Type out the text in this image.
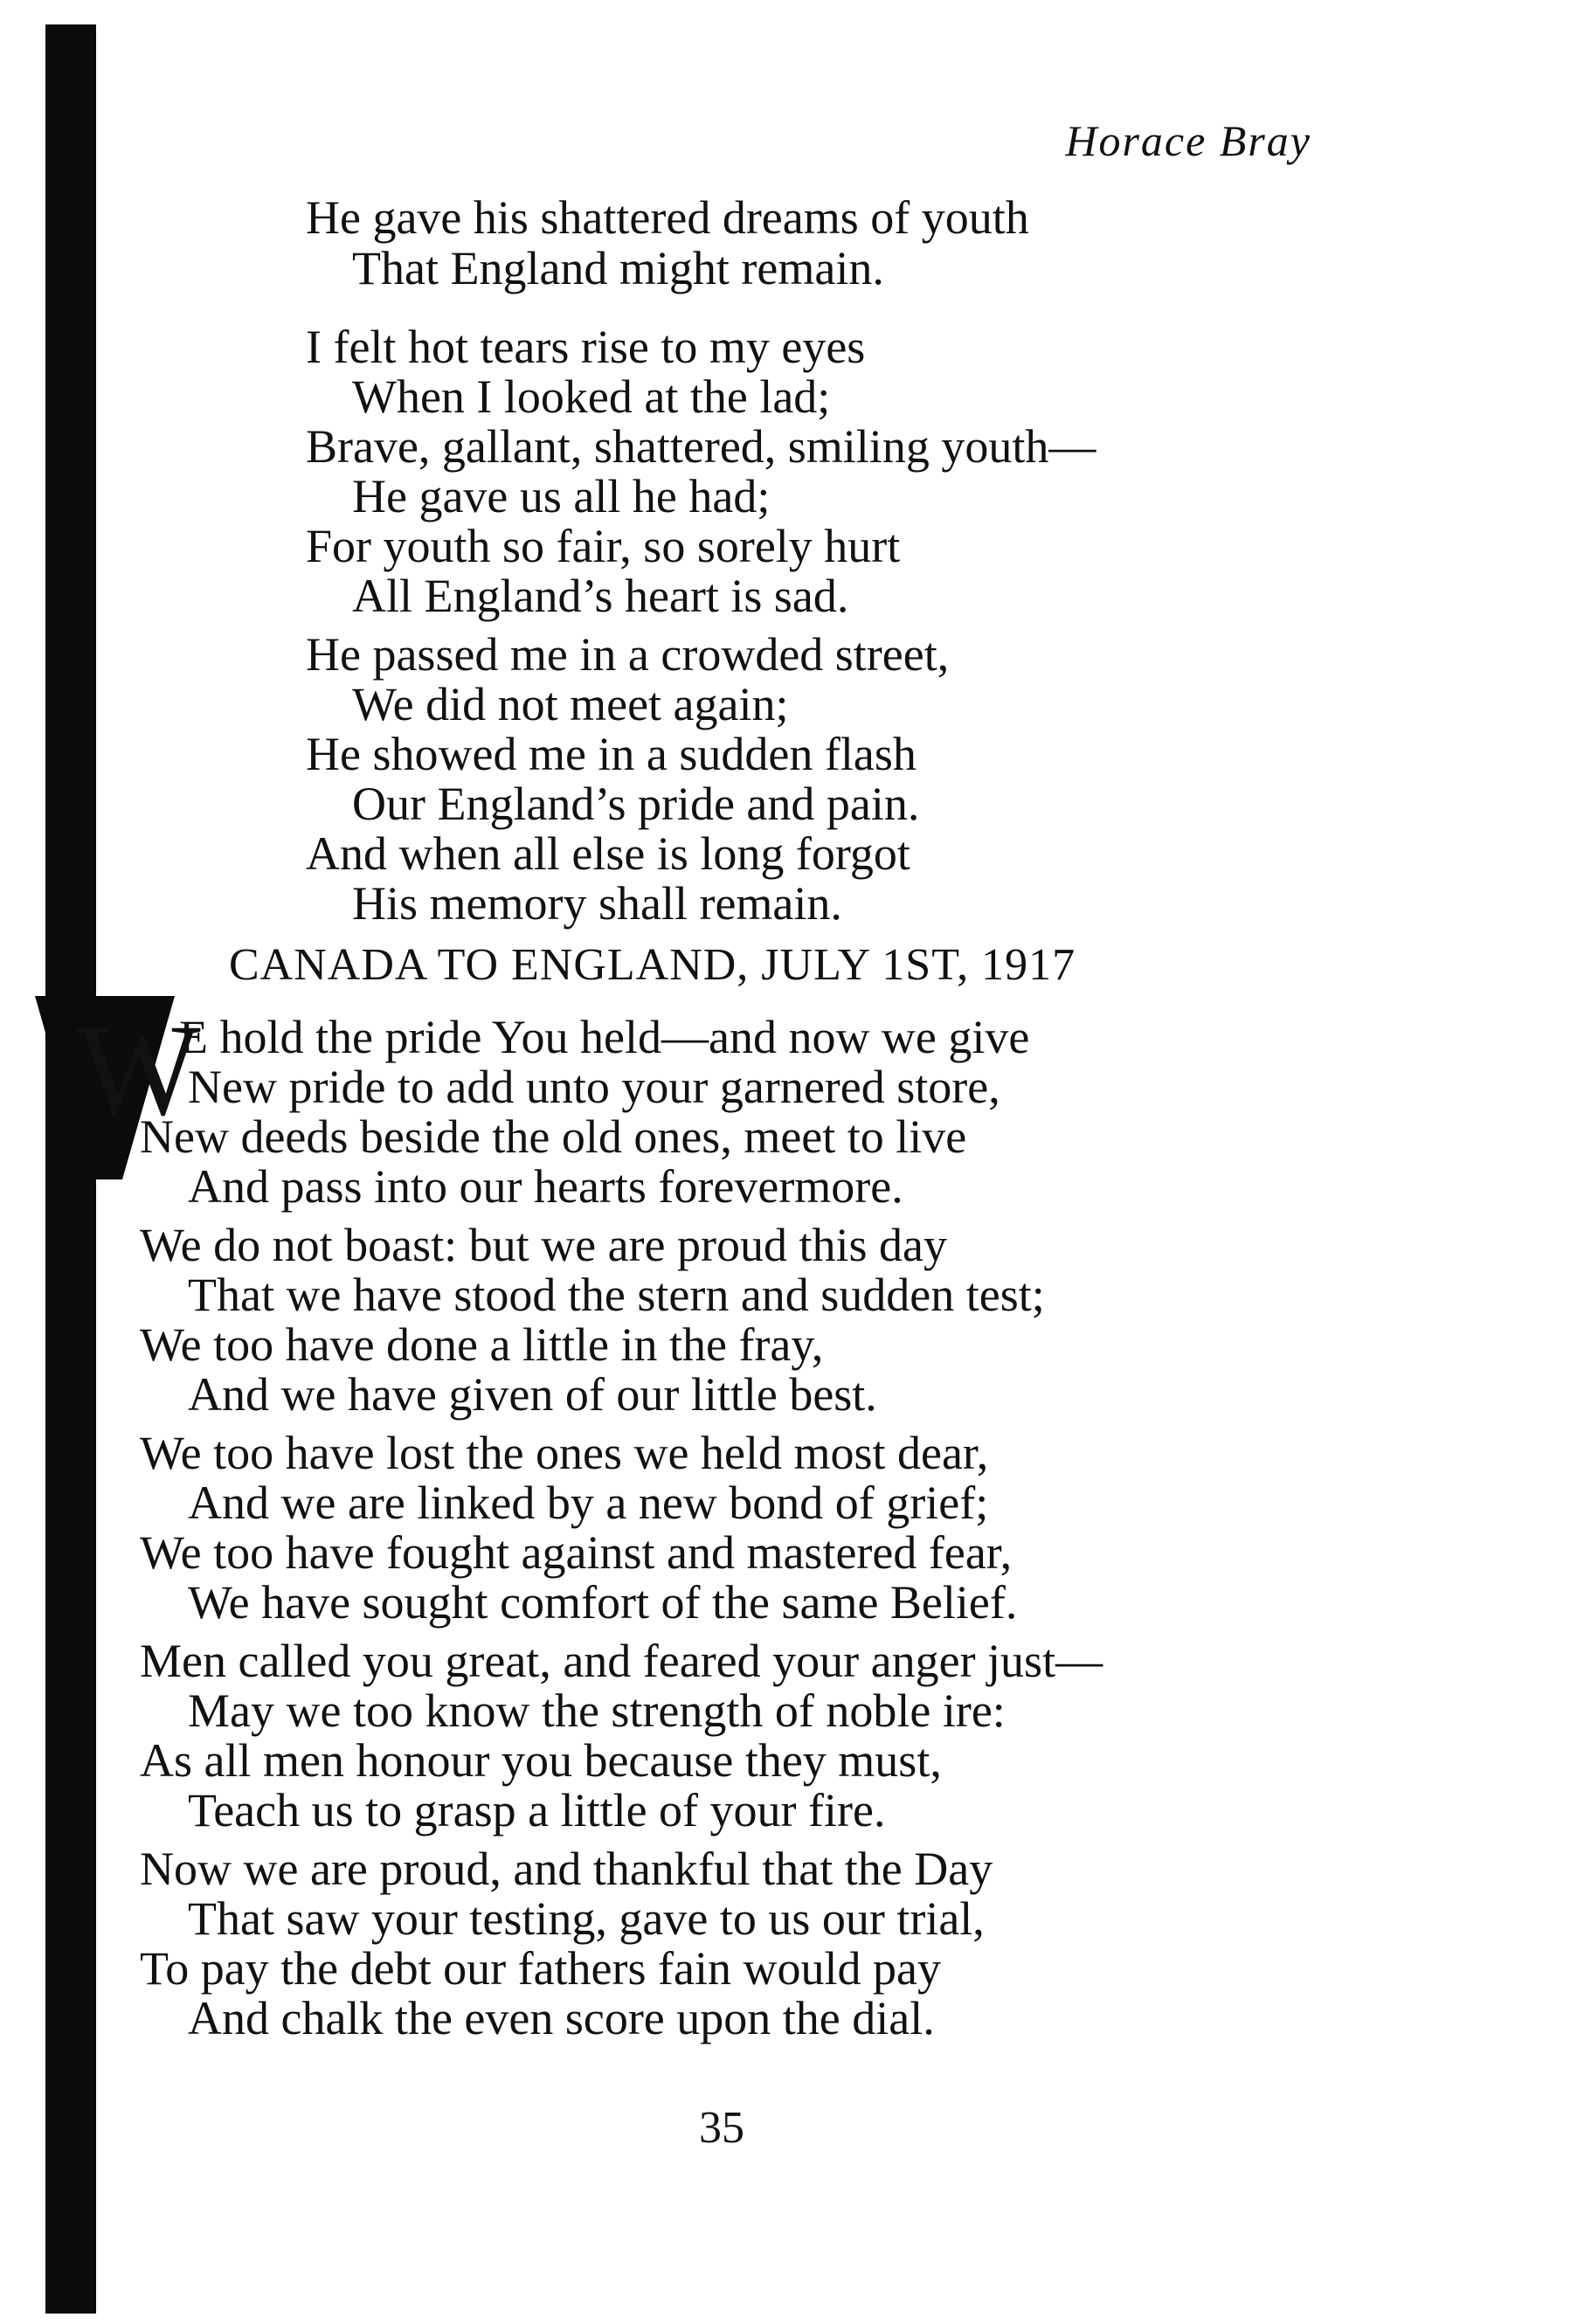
Horace Bray
He gave his shattered dreams of youth
That England might remain.
I felt hot tears rise to my eyes
When I looked at the lad;
Brave, gallant, shattered, smiling youth—
He gave us all he had;
For youth so fair, so sorely hurt
All England’s heart is sad.
He passed me in a crowded street,
We did not meet again;
He showed me in a sudden flash
Our England’s pride and pain.
And when all else is long forgot
His memory shall remain.
CANADA TO ENGLAND, JULY 1ST, 1917
W
E hold the pride You held—and now we give
New pride to add unto your garnered store,
New deeds beside the old ones, meet to live
And pass into our hearts forevermore.
We do not boast: but we are proud this day
That we have stood the stern and sudden test;
We too have done a little in the fray,
And we have given of our little best.
We too have lost the ones we held most dear,
And we are linked by a new bond of grief;
We too have fought against and mastered fear,
We have sought comfort of the same Belief.
Men called you great, and feared your anger just—
May we too know the strength of noble ire:
As all men honour you because they must,
Teach us to grasp a little of your fire.
Now we are proud, and thankful that the Day
That saw your testing, gave to us our trial,
To pay the debt our fathers fain would pay
And chalk the even score upon the dial.
35
